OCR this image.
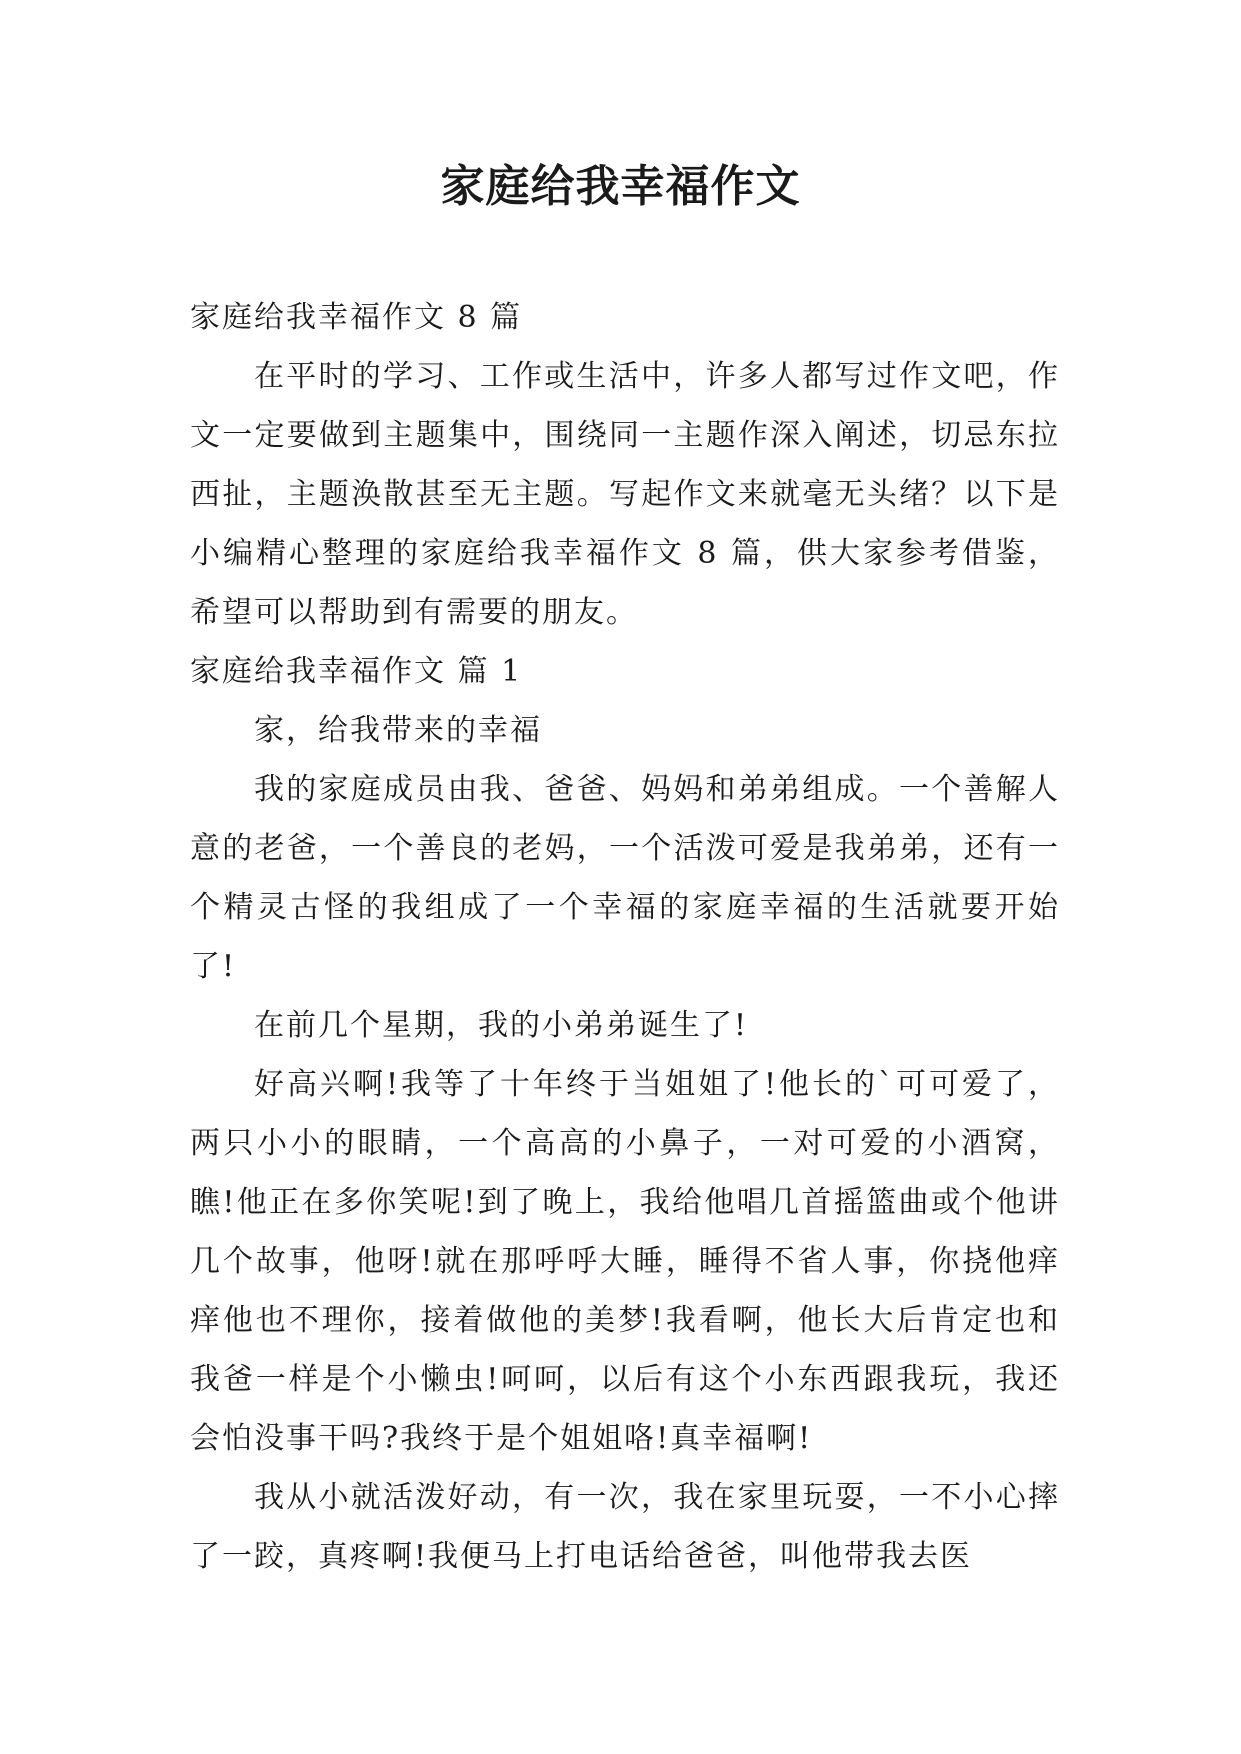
家庭给我幸福作文

家庭给我幸福作文 8 篇

在平时的学习、工作或生活中，许多人都写过作文吧，作文一定要做到主题集中，围绕同一主题作深入阐述，切忌东拉西扯，主题涣散甚至无主题。写起作文来就毫无头绪？以下是小编精心整理的家庭给我幸福作文 8 篇，供大家参考借鉴，希望可以帮助到有需要的朋友。

家庭给我幸福作文 篇 1

家，给我带来的幸福

我的家庭成员由我、爸爸、妈妈和弟弟组成。一个善解人意的老爸，一个善良的老妈，一个活泼可爱是我弟弟，还有一个精灵古怪的我组成了一个幸福的家庭幸福的生活就要开始了!

在前几个星期，我的小弟弟诞生了!

好高兴啊!我等了十年终于当姐姐了!他长的`可可爱了，两只小小的眼睛，一个高高的小鼻子，一对可爱的小酒窝，瞧!他正在多你笑呢!到了晚上，我给他唱几首摇篮曲或个他讲几个故事，他呀!就在那呼呼大睡，睡得不省人事，你挠他痒痒他也不理你，接着做他的美梦!我看啊，他长大后肯定也和我爸一样是个小懒虫!呵呵，以后有这个小东西跟我玩，我还会怕没事干吗?我终于是个姐姐咯!真幸福啊!

我从小就活泼好动，有一次，我在家里玩耍，一不小心摔了一跤，真疼啊!我便马上打电话给爸爸，叫他带我去医
